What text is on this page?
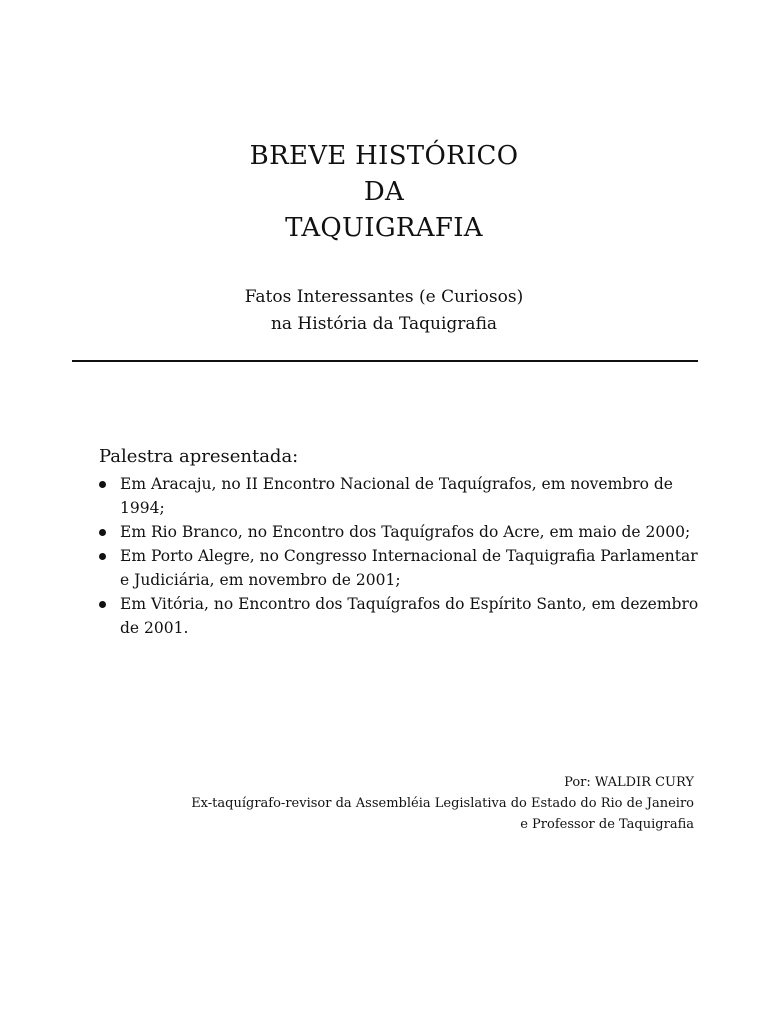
BREVE HISTÓRICO
DA
TAQUIGRAFIA
Fatos Interessantes (e Curiosos)
na História da Taquigrafia
Palestra apresentada:
Em Aracaju, no II Encontro Nacional de Taquígrafos, em novembro de 1994;
Em Rio Branco, no Encontro dos Taquígrafos do Acre, em maio de 2000;
Em Porto Alegre, no Congresso Internacional de Taquigrafia Parlamentar e Judiciária, em novembro de 2001;
Em Vitória, no Encontro dos Taquígrafos do Espírito Santo, em dezembro de 2001.
Por: WALDIR CURY
Ex-taquígrafo-revisor da Assembléia Legislativa do Estado do Rio de Janeiro
e Professor de Taquigrafia
